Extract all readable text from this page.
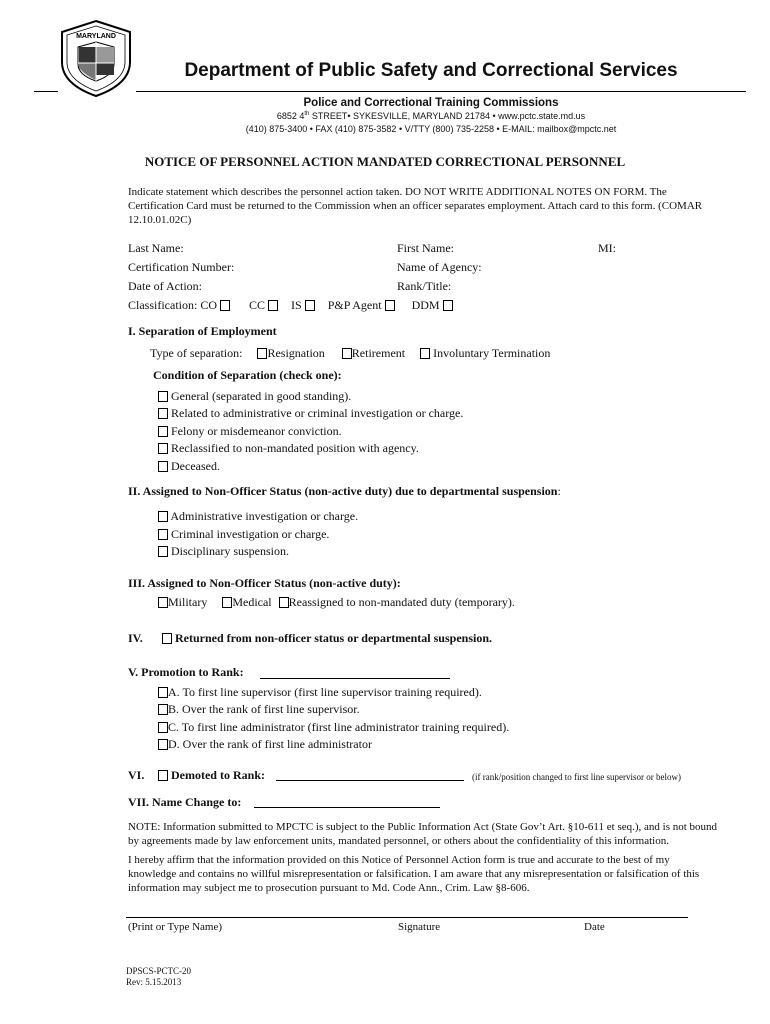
MARYLAND
Department of Public Safety and Correctional Services
Police and Correctional Training Commissions
6852 4th STREET• SYKESVILLE, MARYLAND 21784 • www.pctc.state.md.us
(410) 875-3400 • FAX (410) 875-3582 • V/TTY (800) 735-2258 • E-MAIL: mailbox@mpctc.net
NOTICE OF PERSONNEL ACTION MANDATED CORRECTIONAL PERSONNEL
Indicate statement which describes the personnel action taken. DO NOT WRITE ADDITIONAL NOTES ON FORM. The Certification Card must be returned to the Commission when an officer separates employment. Attach card to this form. (COMAR 12.10.01.02C)
Last Name:	First Name:	MI:
Certification Number:	Name of Agency:
Date of Action:	Rank/Title:
Classification: CO	CC IS P&P Agent	DDM
I. Separation of Employment
Type of separation: Resignation Retirement Involuntary Termination
Condition of Separation (check one):
General (separated in good standing).
Related to administrative or criminal investigation or charge.
Felony or misdemeanor conviction.
Reclassified to non-mandated position with agency.
Deceased.
II. Assigned to Non-Officer Status (non-active duty) due to departmental suspension:
Administrative investigation or charge.
Criminal investigation or charge.
Disciplinary suspension.
III. Assigned to Non-Officer Status (non-active duty):
Military Medical Reassigned to non-mandated duty (temporary).
IV.	Returned from non-officer status or departmental suspension.
V. Promotion to Rank:
A. To first line supervisor (first line supervisor training required).
B. Over the rank of first line supervisor.
C. To first line administrator (first line administrator training required).
D. Over the rank of first line administrator
VI.	Demoted to Rank:	(if rank/position changed to first line supervisor or below)
VII. Name Change to:
NOTE: Information submitted to MPCTC is subject to the Public Information Act (State Gov’t Art. §10-611 et seq.), and is not bound by agreements made by law enforcement units, mandated personnel, or others about the confidentiality of this information.
I hereby affirm that the information provided on this Notice of Personnel Action form is true and accurate to the best of my knowledge and contains no willful misrepresentation or falsification. I am aware that any misrepresentation or falsification of this information may subject me to prosecution pursuant to Md. Code Ann., Crim. Law §8-606.
(Print or Type Name)	Signature	Date
DPSCS-PCTC-20
Rev: 5.15.2013
